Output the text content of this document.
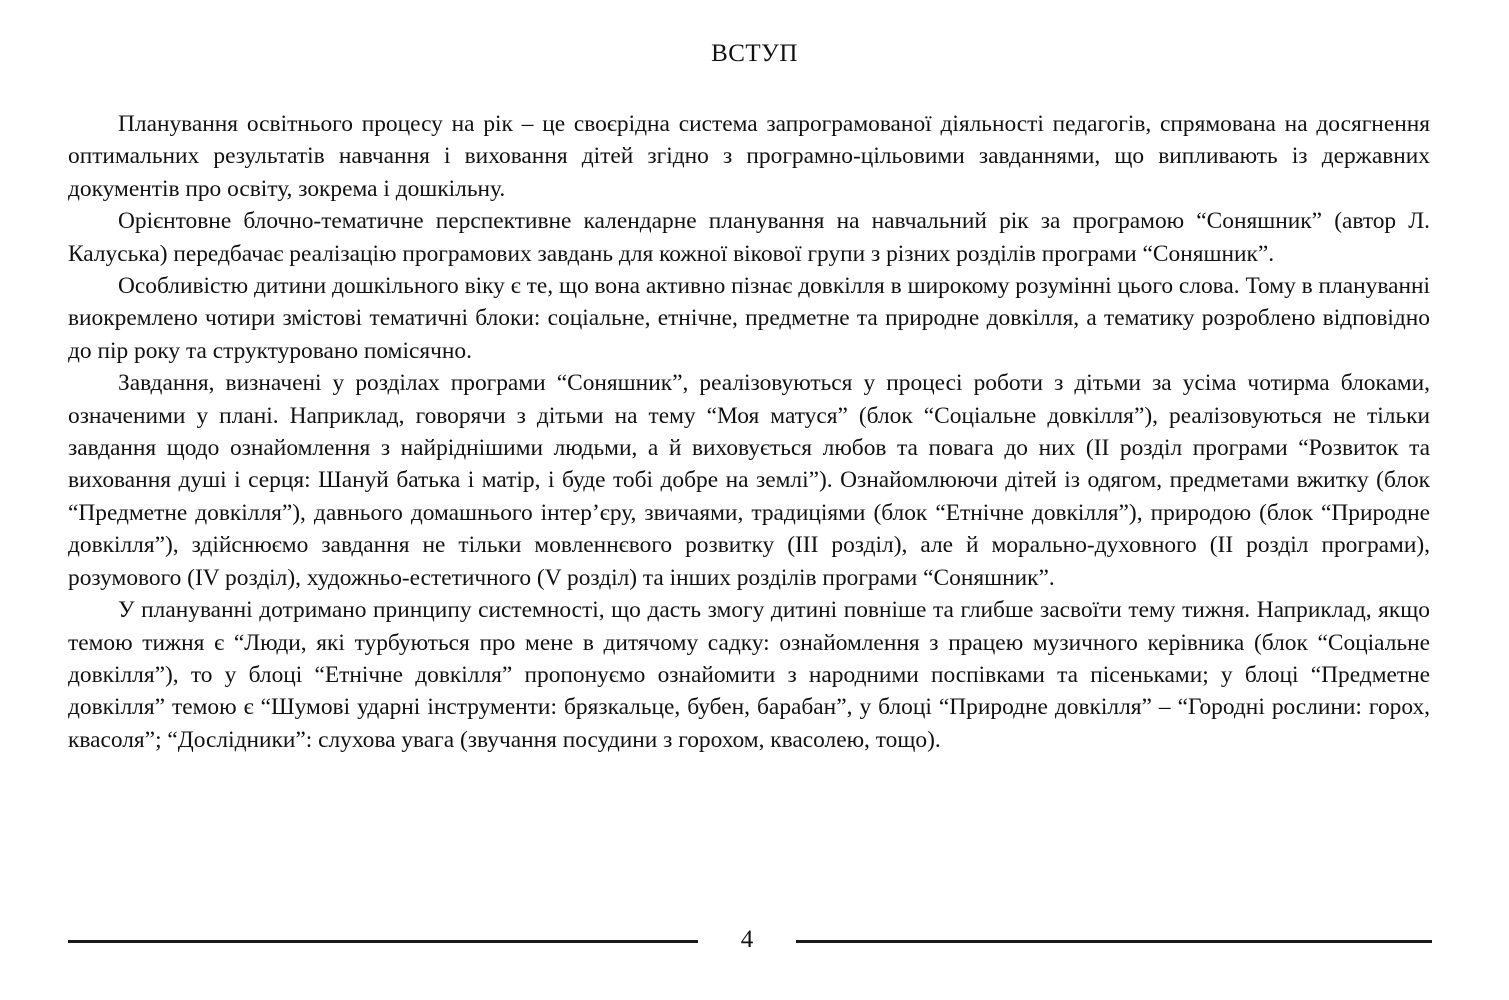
ВСТУП

Планування освітнього процесу на рік – це своєрідна система запрограмованої діяльності педагогів, спрямована на досягнення оптимальних результатів навчання і виховання дітей згідно з програмно-цільовими завданнями, що випливають із державних документів про освіту, зокрема і дошкільну.

Орієнтовне блочно-тематичне перспективне календарне планування на навчальний рік за програмою “Соняшник” (автор Л. Калуська) передбачає реалізацію програмових завдань для кожної вікової групи з різних розділів програми “Соняшник”.

Особливістю дитини дошкільного віку є те, що вона активно пізнає довкілля в широкому розумінні цього слова. Тому в плануванні виокремлено чотири змістові тематичні блоки: соціальне, етнічне, предметне та природне довкілля, а тематику розроблено відповідно до пір року та структуровано помісячно.

Завдання, визначені у розділах програми “Соняшник”, реалізовуються у процесі роботи з дітьми за усіма чотирма блоками, означеними у плані. Наприклад, говорячи з дітьми на тему “Моя матуся” (блок “Соціальне довкілля”), реалізовуються не тільки завдання щодо ознайомлення з найріднішими людьми, а й виховується любов та повага до них (ІІ розділ програми “Розвиток та виховання душі і серця: Шануй батька і матір, і буде тобі добре на землі”). Ознайомлюючи дітей із одягом, предметами вжитку (блок “Предметне довкілля”), давнього домашнього інтер’єру, звичаями, традиціями (блок “Етнічне довкілля”), природою (блок “Природне довкілля”), здійснюємо завдання не тільки мовленнєвого розвитку (ІІІ розділ), але й морально-духовного (ІІ розділ програми), розумового (IV розділ), художньо-естетичного (V розділ) та інших розділів програми “Соняшник”.

У плануванні дотримано принципу системності, що дасть змогу дитині повніше та глибше засвоїти тему тижня. Наприклад, якщо темою тижня є “Люди, які турбуються про мене в дитячому садку: ознайомлення з працею музичного керівника (блок “Соціальне довкілля”), то у блоці “Етнічне довкілля” пропонуємо ознайомити з народними поспівками та пісеньками; у блоці “Предметне довкілля” темою є “Шумові ударні інструменти: брязкальце, бубен, барабан”, у блоці “Природне довкілля” – “Городні рослини: горох, квасоля”; “Дослідники”: слухова увага (звучання посудини з горохом, квасолею, тощо).

4
